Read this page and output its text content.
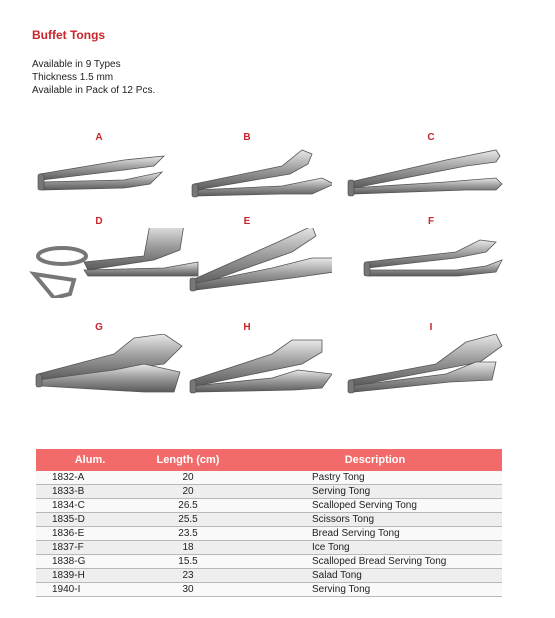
Buffet Tongs
Available in 9 Types
Thickness 1.5 mm
Available in Pack of 12 Pcs.
A	B	C
D	E	F
G	H	I
Alum.	Length (cm)	Description
1832-A	20	Pastry Tong
1833-B	20	Serving Tong
1834-C	26.5	Scalloped Serving Tong
1835-D	25.5	Scissors Tong
1836-E	23.5	Bread Serving Tong
1837-F	18	Ice Tong
1838-G	15.5	Scalloped Bread Serving Tong
1839-H	23	Salad Tong
1940-I	30	Serving Tong
